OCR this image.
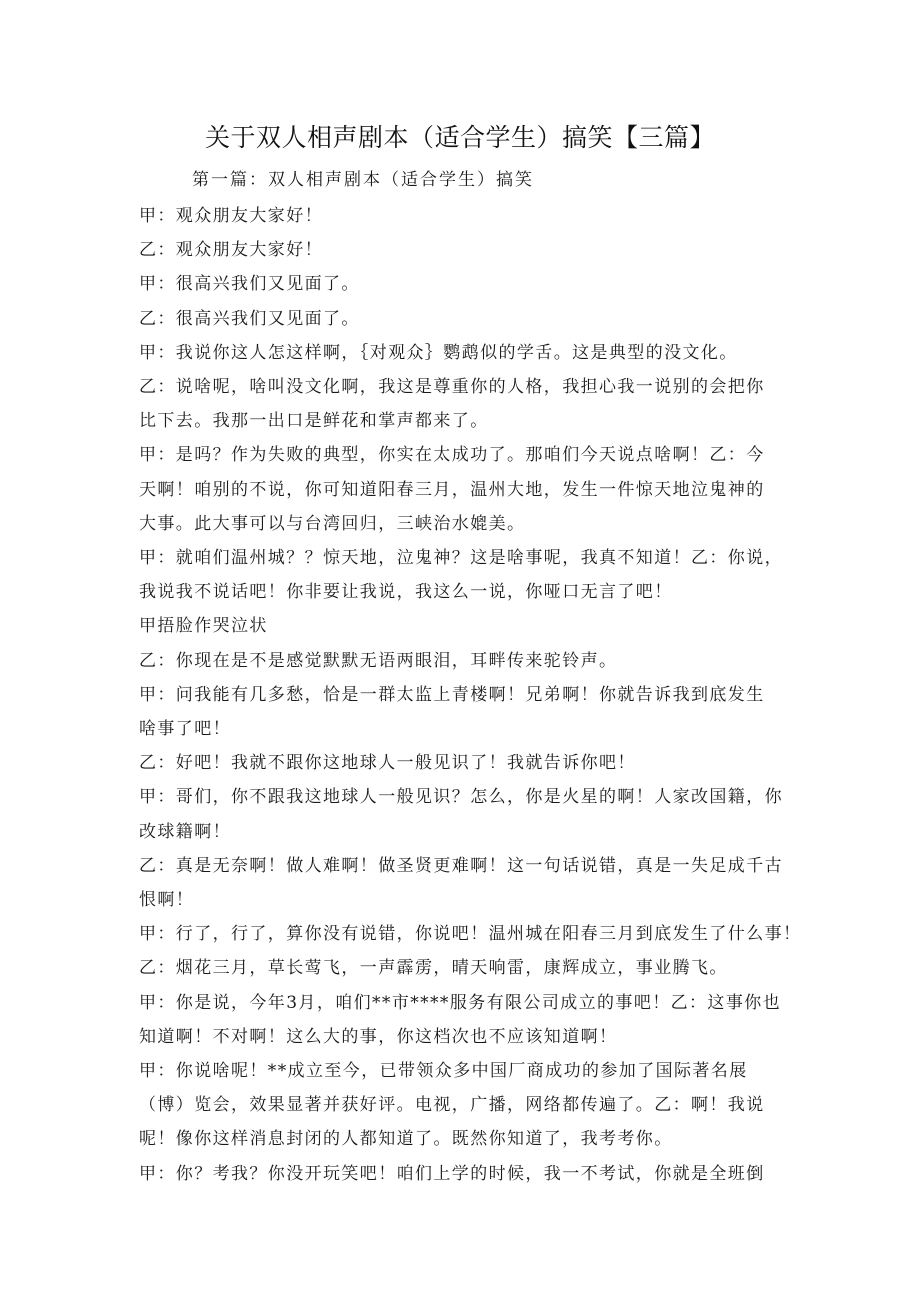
关于双人相声剧本（适合学生）搞笑【三篇】
第一篇：双人相声剧本（适合学生）搞笑

甲：观众朋友大家好！

乙：观众朋友大家好！

甲：很高兴我们又见面了。

乙：很高兴我们又见面了。

甲：我说你这人怎这样啊，｛对观众｝鹦鹉似的学舌。这是典型的没文化。

乙：说啥呢，啥叫没文化啊，我这是尊重你的人格，我担心我一说别的会把你

比下去。我那一出口是鲜花和掌声都来了。

甲：是吗？作为失败的典型，你实在太成功了。那咱们今天说点啥啊！乙：今

天啊！咱别的不说，你可知道阳春三月，温州大地，发生一件惊天地泣鬼神的

大事。此大事可以与台湾回归，三峡治水媲美。

甲：就咱们温州城？？惊天地，泣鬼神？这是啥事呢，我真不知道！乙：你说，

我说我不说话吧！你非要让我说，我这么一说，你哑口无言了吧！

甲捂脸作哭泣状

乙：你现在是不是感觉默默无语两眼泪，耳畔传来驼铃声。

甲：问我能有几多愁，恰是一群太监上青楼啊！兄弟啊！你就告诉我到底发生

啥事了吧！

乙：好吧！我就不跟你这地球人一般见识了！我就告诉你吧！

甲：哥们，你不跟我这地球人一般见识？怎么，你是火星的啊！人家改国籍，你

改球籍啊！

乙：真是无奈啊！做人难啊！做圣贤更难啊！这一句话说错，真是一失足成千古

恨啊！

甲：行了，行了，算你没有说错，你说吧！温州城在阳春三月到底发生了什么事！

乙：烟花三月，草长莺飞，一声霹雳，晴天响雷，康辉成立，事业腾飞。

甲：你是说，今年3月，咱们**市****服务有限公司成立的事吧！乙：这事你也

知道啊！不对啊！这么大的事，你这档次也不应该知道啊！

甲：你说啥呢！**成立至今，已带领众多中国厂商成功的参加了国际著名展

（博）览会，效果显著并获好评。电视，广播，网络都传遍了。乙：啊！我说

呢！像你这样消息封闭的人都知道了。既然你知道了，我考考你。

甲：你？考我？你没开玩笑吧！咱们上学的时候，我一不考试，你就是全班倒
